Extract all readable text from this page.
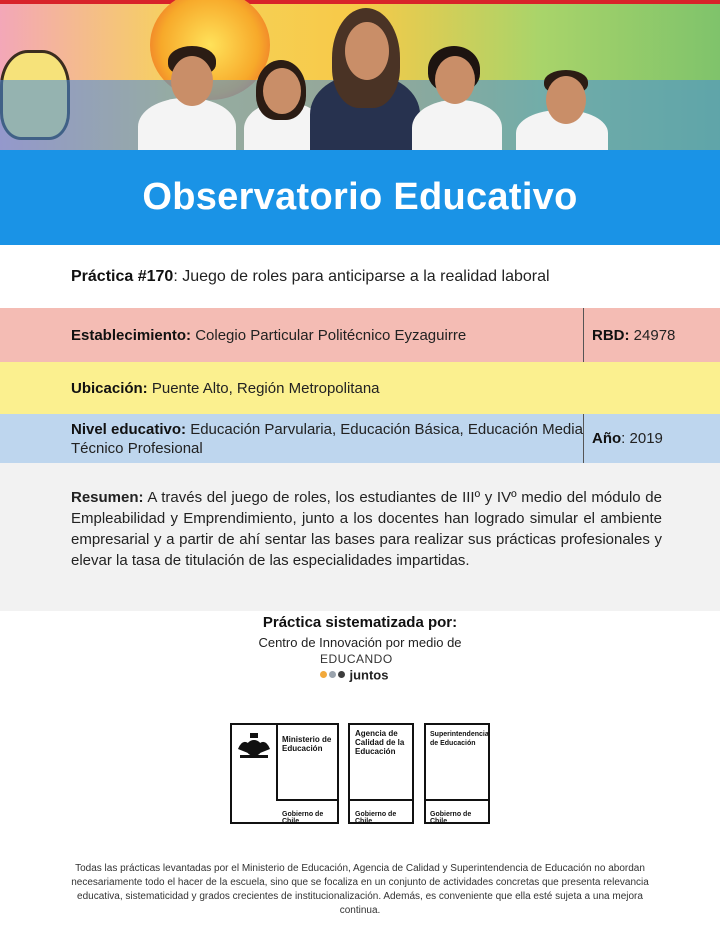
Observatorio Educativo
Práctica #170: Juego de roles para anticiparse a la realidad laboral
Establecimiento: Colegio Particular Politécnico Eyzaguirre	RBD: 24978
Ubicación: Puente Alto, Región Metropolitana
Nivel educativo: Educación Parvularia, Educación Básica, Educación Media Técnico Profesional
Año: 2019
Resumen: A través del juego de roles, los estudiantes de IIIº y IVº medio del módulo de Empleabilidad y Emprendimiento, junto a los docentes han logrado simular el ambiente empresarial y a partir de ahí sentar las bases para realizar sus prácticas profesionales y elevar la tasa de titulación de las especialidades impartidas.
Práctica sistematizada por:
Centro de Innovación por medio de
EDUCANDO
juntos
Ministerio de Educación
Gobierno de Chile
Agencia de Calidad de la Educación
Gobierno de Chile
Superintendencia de Educación
Gobierno de Chile
Todas las prácticas levantadas por el Ministerio de Educación, Agencia de Calidad y Superintendencia de Educación no abordan necesariamente todo el hacer de la escuela, sino que se focaliza en un conjunto de actividades concretas que presenta relevancia educativa, sistematicidad y grados crecientes de institucionalización. Además, es conveniente que ella esté sujeta a una mejora continua.
